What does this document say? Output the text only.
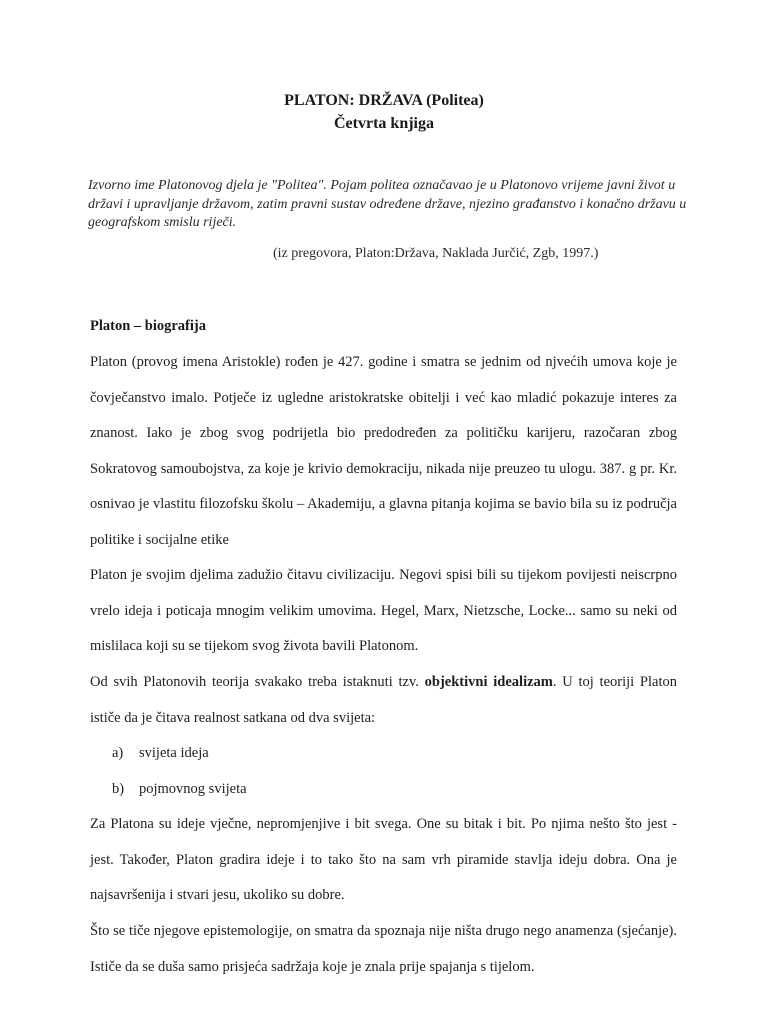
PLATON: DRŽAVA (Politea)
Četvrta knjiga

Izvorno ime Platonovog djela je "Politea". Pojam politea označavao je u Platonovo vrijeme javni život u državi i upravljanje državom, zatim pravni sustav određene države, njezino građanstvo i konačno državu u geografskom smislu riječi.

(iz pregovora, Platon:Država, Naklada Jurčić, Zgb, 1997.)

Platon – biografija

Platon (provog imena Aristokle) rođen je 427. godine i smatra se jednim od njvećih umova koje je čovječanstvo imalo. Potječe iz ugledne aristokratske obitelji i već kao mladić pokazuje interes za znanost. Iako je zbog svog podrijetla bio predodređen za političku karijeru, razočaran zbog Sokratovog samoubojstva, za koje je krivio demokraciju, nikada nije preuzeo tu ulogu. 387. g pr. Kr. osnivao je vlastitu filozofsku školu – Akademiju, a glavna pitanja kojima se bavio bila su iz područja politike i socijalne etike

Platon je svojim djelima zadužio čitavu civilizaciju. Negovi spisi bili su tijekom povijesti neiscrpno vrelo ideja i poticaja mnogim velikim umovima. Hegel, Marx, Nietzsche, Locke... samo su neki od mislilaca koji su se tijekom svog života bavili Platonom.

Od svih Platonovih teorija svakako treba istaknuti tzv. objektivni idealizam. U toj teoriji Platon ističe da je čitava realnost satkana od dva svijeta:

a) svijeta ideja

b) pojmovnog svijeta

Za Platona su ideje vječne, nepromjenjive i bit svega. One su bitak i bit. Po njima nešto što jest - jest. Također, Platon gradira ideje i to tako što na sam vrh piramide stavlja ideju dobra. Ona je najsavršenija i stvari jesu, ukoliko su dobre.

Što se tiče njegove epistemologije, on smatra da spoznaja nije ništa drugo nego anamenza (sjećanje). Ističe da se duša samo prisjeća sadržaja koje je znala prije spajanja s tijelom.
